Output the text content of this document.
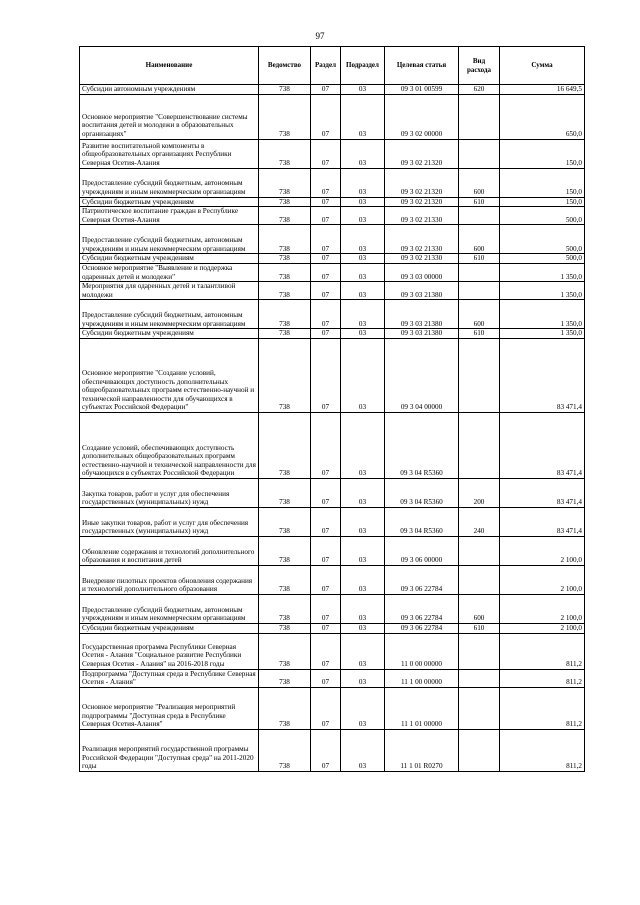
97
Наименование	Ведомство	Раздел	Подраздел	Целевая статья	Вид расхода	Сумма
Субсидии автономным учреждениям	738	07	03	09 3 01 00599	620	16 649,5
Основное мероприятие "Совершенствование системы воспитания детей и молодежи в образовательных организациях"	738	07	03	09 3 02 00000		650,0
Развитие воспитательной компоненты в общеобразовательных организациях Республики Северная Осетия-Алания	738	07	03	09 3 02 21320		150,0
Предоставление субсидий бюджетным, автономным учреждениям и иным некоммерческим организациям	738	07	03	09 3 02 21320	600	150,0
Субсидии бюджетным учреждениям	738	07	03	09 3 02 21320	610	150,0
Патриотическое воспитание граждан в Республике Северная Осетия-Алания	738	07	03	09 3 02 21330		500,0
Предоставление субсидий бюджетным, автономным учреждениям и иным некоммерческим организациям	738	07	03	09 3 02 21330	600	500,0
Субсидии бюджетным учреждениям	738	07	03	09 3 02 21330	610	500,0
Основное мероприятие "Выявление и поддержка одаренных детей и молодежи"	738	07	03	09 3 03 00000		1 350,0
Мероприятия для одаренных детей и талантливой молодежи	738	07	03	09 3 03 21380		1 350,0
Предоставление субсидий бюджетным, автономным учреждениям и иным некоммерческим организациям	738	07	03	09 3 03 21380	600	1 350,0
Субсидии бюджетным учреждениям	738	07	03	09 3 03 21380	610	1 350,0
Основное мероприятие "Создание условий, обеспечивающих доступность дополнительных общеобразовательных программ естественно-научной и технической направленности для обучающихся в субъектах Российской Федерации"	738	07	03	09 3 04 00000		83 471,4
Создание условий, обеспечивающих доступность дополнительных общеобразовательных программ естественно-научной и технической направленности для обучающихся в субъектах Российской Федерации	738	07	03	09 3 04 R5360		83 471,4
Закупка товаров, работ и услуг для обеспечения государственных (муниципальных) нужд	738	07	03	09 3 04 R5360	200	83 471,4
Иные закупки товаров, работ и услуг для обеспечения государственных (муниципальных) нужд	738	07	03	09 3 04 R5360	240	83 471,4
Обновление содержания и технологий дополнительного образования и воспитания детей	738	07	03	09 3 06 00000		2 100,0
Внедрение пилотных проектов обновления содержания и технологий дополнительного образования	738	07	03	09 3 06 22784		2 100,0
Предоставление субсидий бюджетным, автономным учреждениям и иным некоммерческим организациям	738	07	03	09 3 06 22784	600	2 100,0
Субсидии бюджетным учреждениям	738	07	03	09 3 06 22784	610	2 100,0
Государственная программа Республики Северная Осетия - Алания "Социальное развитие Республики Северная Осетия - Алания" на 2016-2018 годы	738	07	03	11 0 00 00000		811,2
Подпрограмма "Доступная среда в Республике Северная Осетия - Алания"	738	07	03	11 1 00 00000		811,2
Основное мероприятие "Реализация мероприятий подпрограммы "Доступная среда в Республике Северная Осетия-Алания"	738	07	03	11 1 01 00000		811,2
Реализация мероприятий государственной программы Российской Федерации "Доступная среда" на 2011-2020 годы	738	07	03	11 1 01 R0270		811,2
